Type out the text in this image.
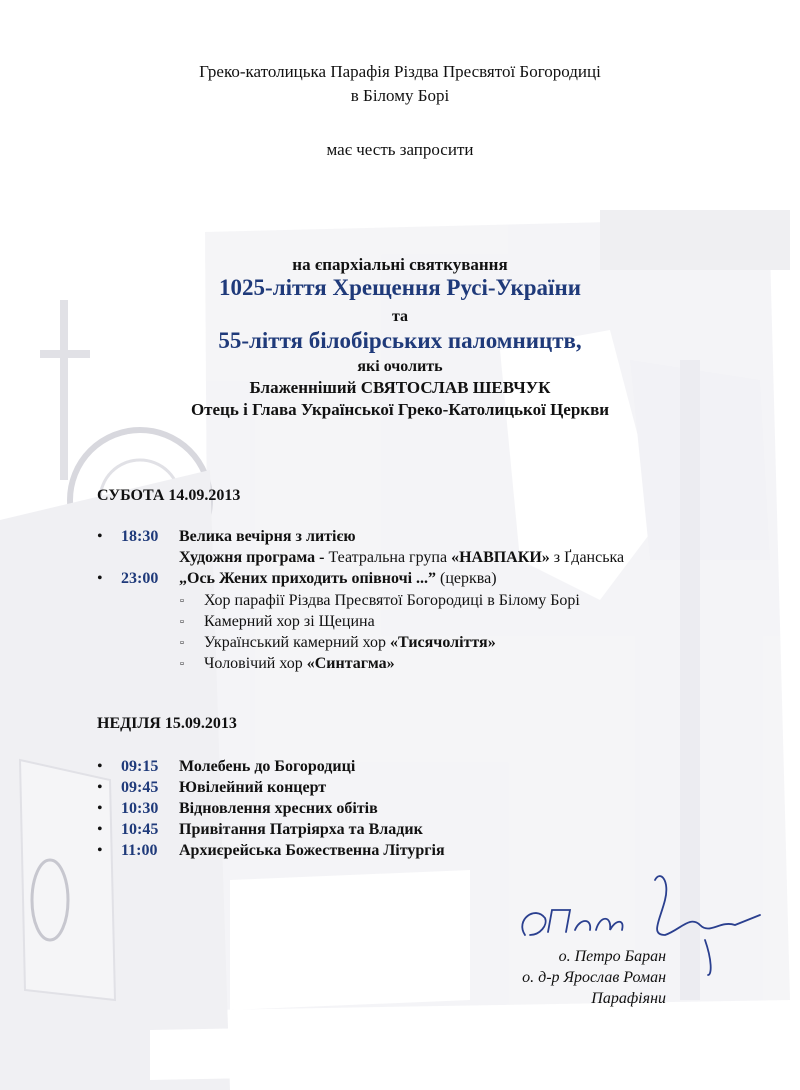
Греко-католицька Парафія Різдва Пресвятої Богородиці
в Білому Борі
має честь запросити
на єпархіальні святкування
1025-ліття Хрещення Русі-України
та
55-ліття білобірських паломництв,
які очолить
Блаженніший СВЯТОСЛАВ ШЕВЧУК
Отець і Глава Української Греко-Католицької Церкви
СУБОТА 14.09.2013
•	18:30 Велика вечірня з литією
Художня програма - Театральна група «НАВПАКИ» з Ґданська
•	23:00 „Ось Жених приходить опівночі ...” (церква)
▫ Хор парафії Різдва Пресвятої Богородиці в Білому Борі
▫ Камерний хор зі Щецина
▫ Український камерний хор «Тисячоліття»
▫ Чоловічий хор «Синтагма»
НЕДІЛЯ 15.09.2013
•	09:15 Молебень до Богородиці
•	09:45 Ювілейний концерт
•	10:30 Відновлення хресних обітів
•	10:45 Привітання Патріярха та Владик
•	11:00 Архиєрейська Божественна Літургія
о. Петро Баран
о. д-р Ярослав Роман
Парафіяни
